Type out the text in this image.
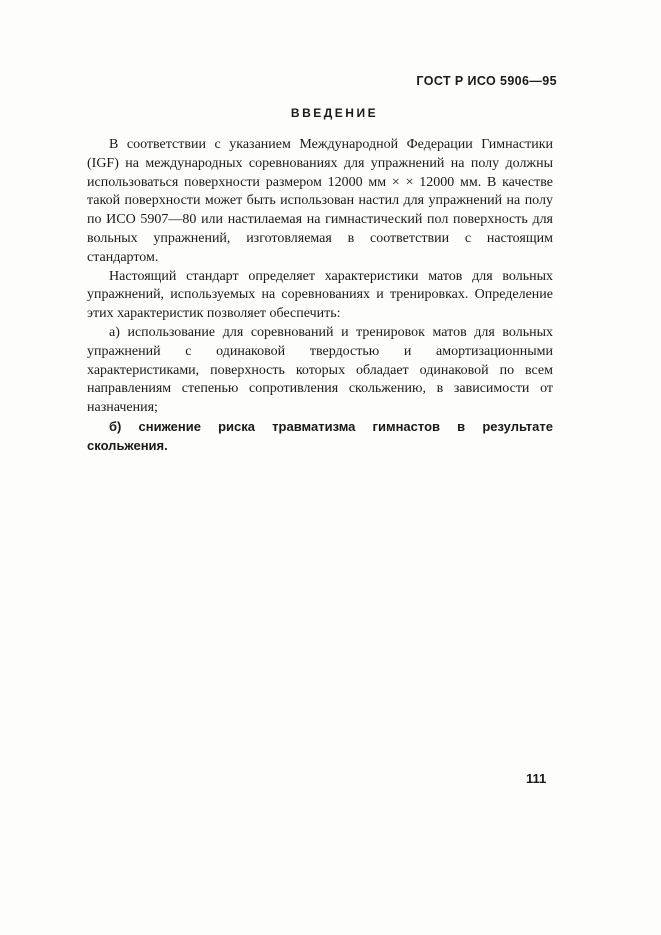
ГОСТ Р ИСО 5906—95
ВВЕДЕНИЕ

В соответствии с указанием Международной Федерации Гимнастики (IGF) на международных соревнованиях для упражнений на полу должны использоваться поверхности размером 12000 мм × × 12000 мм. В качестве такой поверхности может быть использован настил для упражнений на полу по ИСО 5907—80 или настилаемая на гимнастический пол поверхность для вольных упражнений, изготовляемая в соответствии с настоящим стандартом.

Настоящий стандарт определяет характеристики матов для вольных упражнений, используемых на соревнованиях и тренировках. Определение этих характеристик позволяет обеспечить:

а) использование для соревнований и тренировок матов для вольных упражнений с одинаковой твердостью и амортизационными характеристиками, поверхность которых обладает одинаковой по всем направлениям степенью сопротивления скольжению, в зависимости от назначения;

б) снижение риска травматизма гимнастов в результате скольжения.

111
